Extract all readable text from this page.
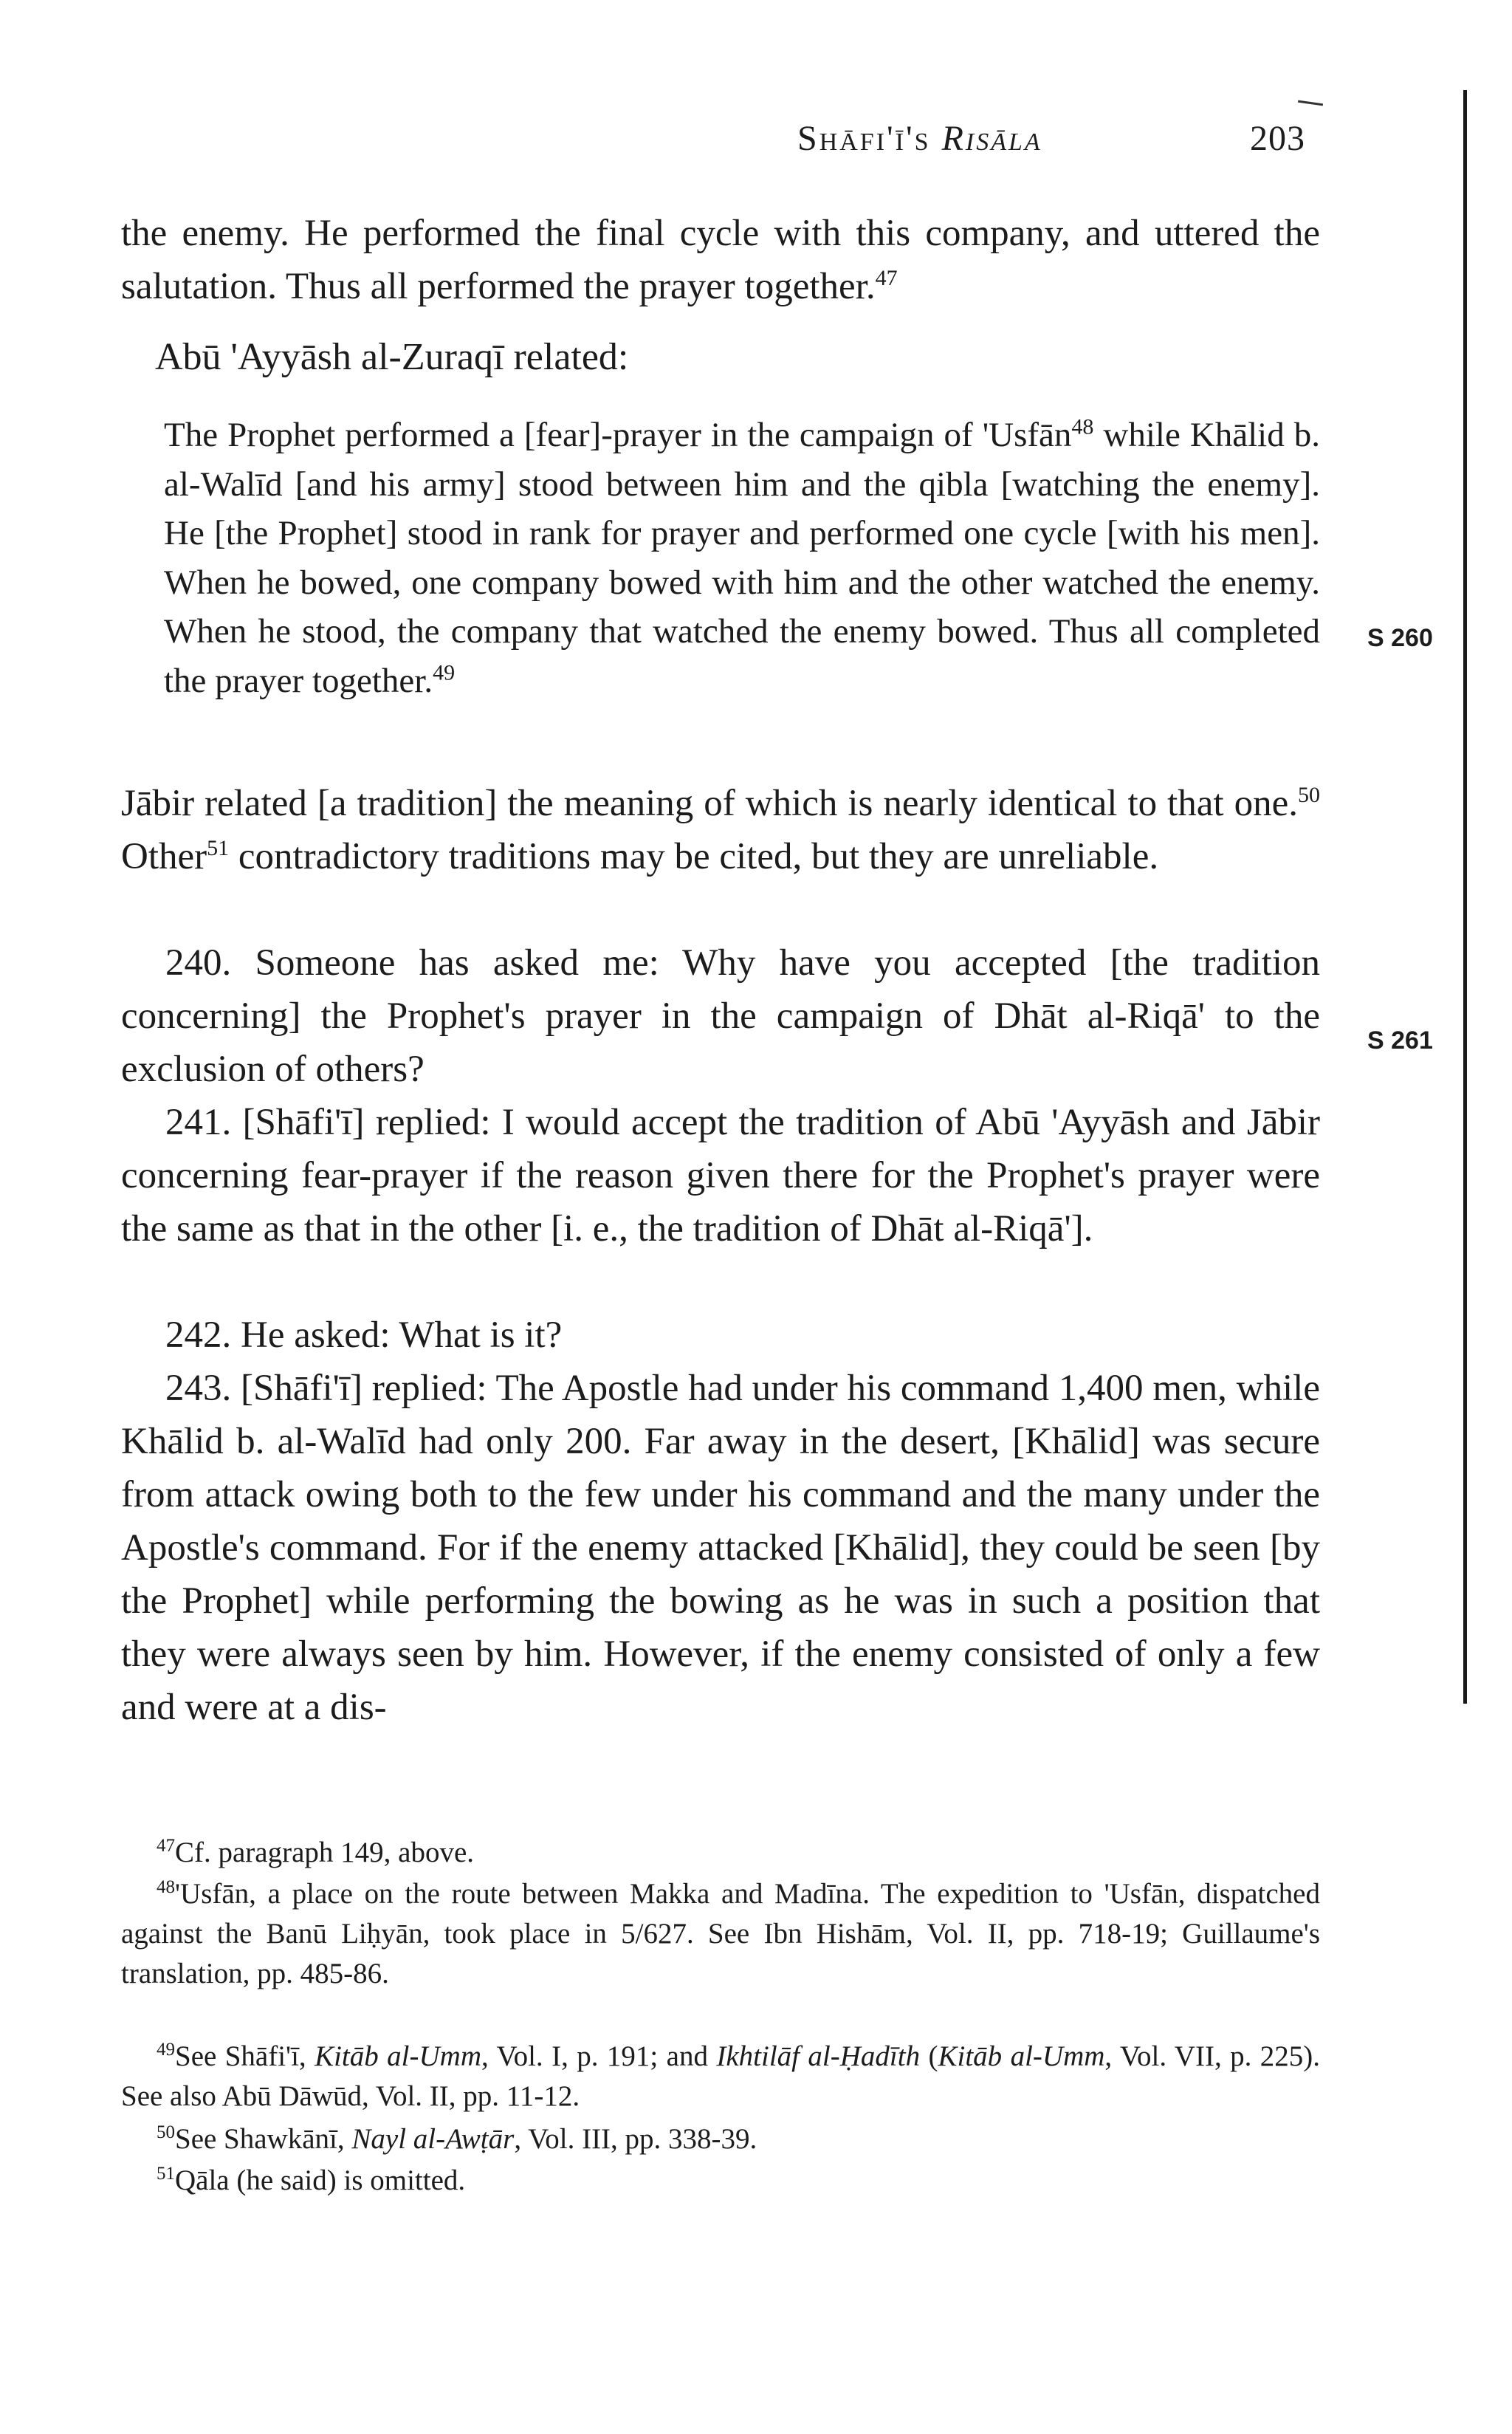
Shāfi'ī's Risāla	203
the enemy. He performed the final cycle with this company, and uttered the salutation. Thus all performed the prayer together.$^{47}$
Abū 'Ayyāsh al-Zuraqī related:
The Prophet performed a [fear]-prayer in the campaign of 'Usfān$^{48}$ while Khālid b. al-Walīd [and his army] stood between him and the qibla [watching the enemy]. He [the Prophet] stood in rank for prayer and performed one cycle [with his men]. When he bowed, one company bowed with him and the other watched the enemy. When he stood, the company that watched the enemy bowed. Thus all completed the prayer together.$^{49}$
S 260
Jābir related [a tradition] the meaning of which is nearly identical to that one.$^{50}$ Other$^{51}$ contradictory traditions may be cited, but they are unreliable.
240. Someone has asked me: Why have you accepted [the tradition concerning] the Prophet's prayer in the campaign of Dhāt al-Riqā' to the exclusion of others?
S 261
241. [Shāfi'ī] replied: I would accept the tradition of Abū 'Ayyāsh and Jābir concerning fear-prayer if the reason given there for the Prophet's prayer were the same as that in the other [i. e., the tradition of Dhāt al-Riqā'].
242. He asked: What is it?
243. [Shāfi'ī] replied: The Apostle had under his command 1,400 men, while Khālid b. al-Walīd had only 200. Far away in the desert, [Khālid] was secure from attack owing both to the few under his command and the many under the Apostle's command. For if the enemy attacked [Khālid], they could be seen [by the Prophet] while performing the bowing as he was in such a position that they were always seen by him. However, if the enemy consisted of only a few and were at a dis-
$^{47}$Cf. paragraph 149, above.
$^{48}$'Usfān, a place on the route between Makka and Madīna. The expedition to 'Usfān, dispatched against the Banū Liḥyān, took place in 5/627. See Ibn Hishām, Vol. II, pp. 718-19; Guillaume's translation, pp. 485-86.
$^{49}$See Shāfi'ī, Kitāb al-Umm, Vol. I, p. 191; and Ikhtilāf al-Ḥadīth (Kitāb al-Umm, Vol. VII, p. 225). See also Abū Dāwūd, Vol. II, pp. 11-12.
$^{50}$See Shawkānī, Nayl al-Awṭār, Vol. III, pp. 338-39.
$^{51}$Qāla (he said) is omitted.
